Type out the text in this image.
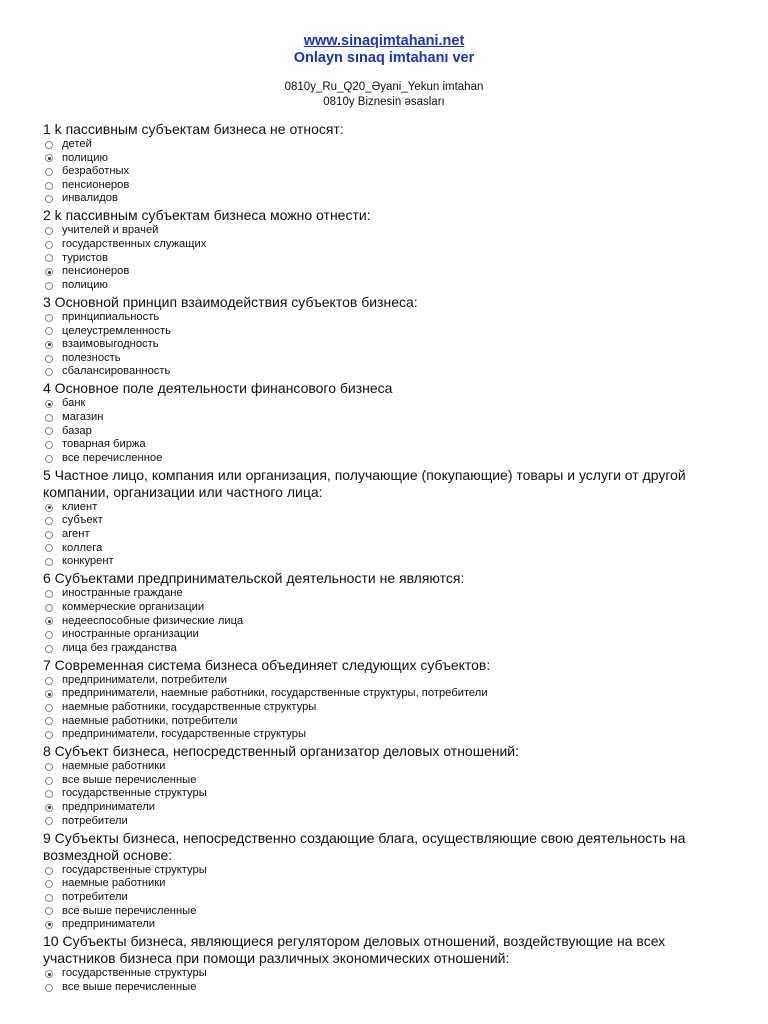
www.sinaqimtahani.net
Onlayn sınaq imtahanı ver
0810y_Ru_Q20_Əyani_Yekun imtahan
0810y Biznesin əsasları
1 k пассивным субъектам бизнеса не относят:
детей
полицию
безработных
пенсионеров
инвалидов
2 k пассивным субъектам бизнеса можно отнести:
учителей и врачей
государственных служащих
туристов
пенсионеров
полицию
3 Основной принцип взаимодействия субъектов бизнеса:
принципиальность
целеустремленность
взаимовыгодность
полезность
сбалансированность
4 Основное поле деятельности финансового бизнеса
банк
магазин
базар
товарная биржа
все перечисленное
5 Частное лицо, компания или организация, получающие (покупающие) товары и услуги от другой компании, организации или частного лица:
клиент
субъект
агент
коллега
конкурент
6 Субъектами предпринимательской деятельности не являются:
иностранные граждане
коммерческие организации
недееспособные физические лица
иностранные организации
лица без гражданства
7 Современная система бизнеса объединяет следующих субъектов:
предприниматели, потребители
предприниматели, наемные работники, государственные структуры, потребители
наемные работники, государственные структуры
наемные работники, потребители
предприниматели, государственные структуры
8 Субъект бизнеса, непосредственный организатор деловых отношений:
наемные работники
все выше перечисленные
государственные структуры
предприниматели
потребители
9 Субъекты бизнеса, непосредственно создающие блага, осуществляющие свою деятельность на возмездной основе:
государственные структуры
наемные работники
потребители
все выше перечисленные
предприниматели
10 Субъекты бизнеса, являющиеся регулятором деловых отношений, воздействующие на всех участников бизнеса при помощи различных экономических отношений:
государственные структуры
все выше перечисленные
